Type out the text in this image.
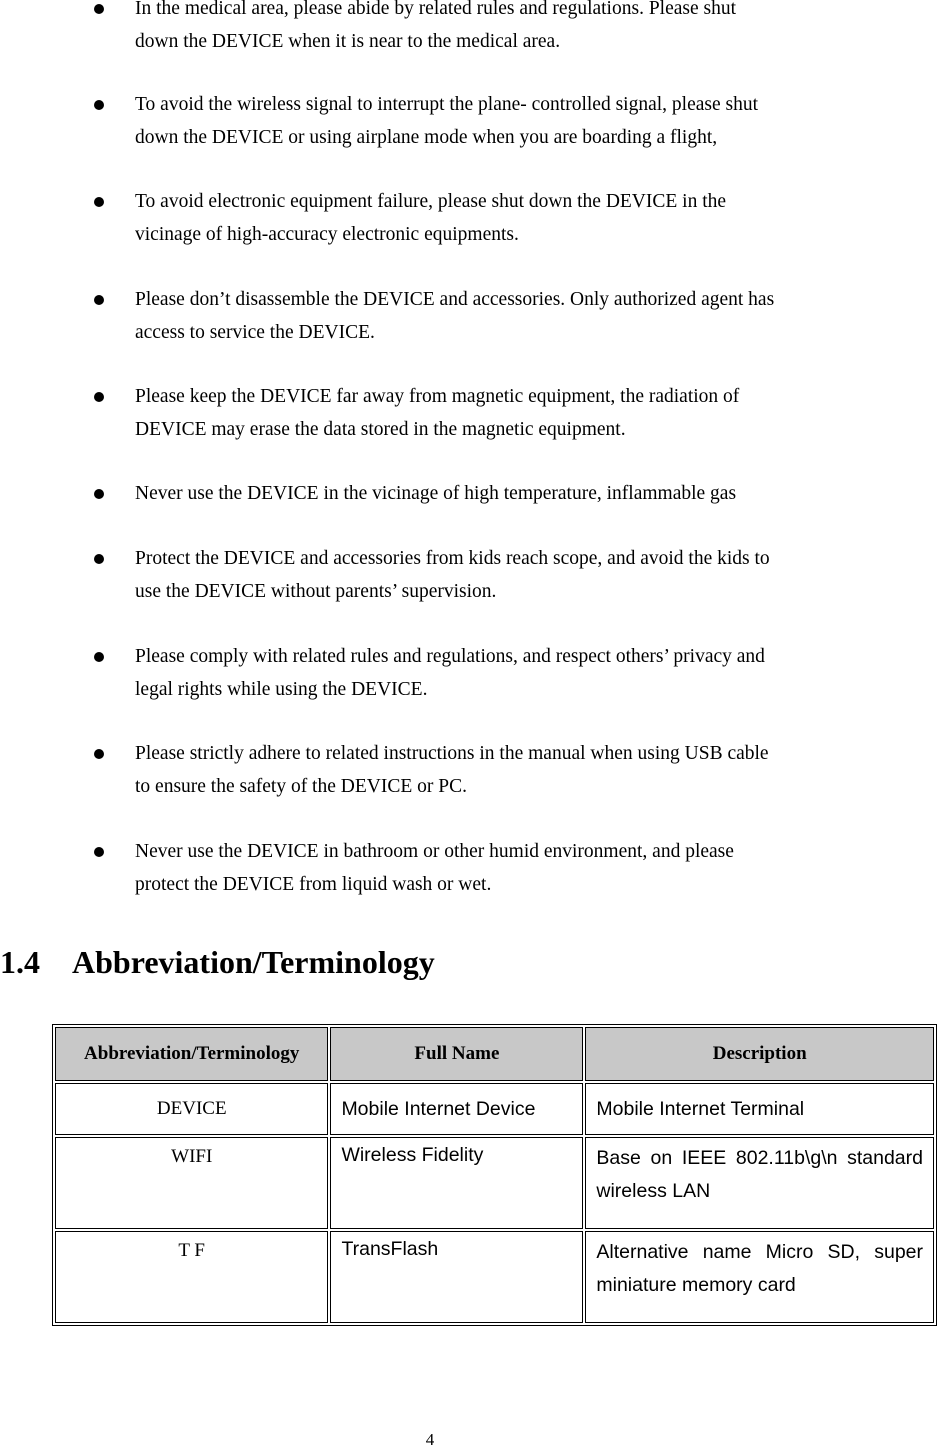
In the medical area, please abide by related rules and regulations. Please shut
down the DEVICE when it is near to the medical area.
To avoid the wireless signal to interrupt the plane- controlled signal, please shut
down the DEVICE or using airplane mode when you are boarding a flight,
To avoid electronic equipment failure, please shut down the DEVICE in the
vicinage of high-accuracy electronic equipments.
Please don’t disassemble the DEVICE and accessories. Only authorized agent has
access to service the DEVICE.
Please keep the DEVICE far away from magnetic equipment, the radiation of
DEVICE may erase the data stored in the magnetic equipment.
Never use the DEVICE in the vicinage of high temperature, inflammable gas
Protect the DEVICE and accessories from kids reach scope, and avoid the kids to
use the DEVICE without parents’ supervision.
Please comply with related rules and regulations, and respect others’ privacy and
legal rights while using the DEVICE.
Please strictly adhere to related instructions in the manual when using USB cable
to ensure the safety of the DEVICE or PC.
Never use the DEVICE in bathroom or other humid environment, and please
protect the DEVICE from liquid wash or wet.
1.4 Abbreviation/Terminology
Abbreviation/Terminology	Full Name	Description
DEVICE	Mobile Internet Device	Mobile Internet Terminal
WIFI	Wireless Fidelity	Base on IEEE 802.11b\g\n standard wireless LAN
T F	TransFlash	Alternative name Micro SD, super miniature memory card
4
